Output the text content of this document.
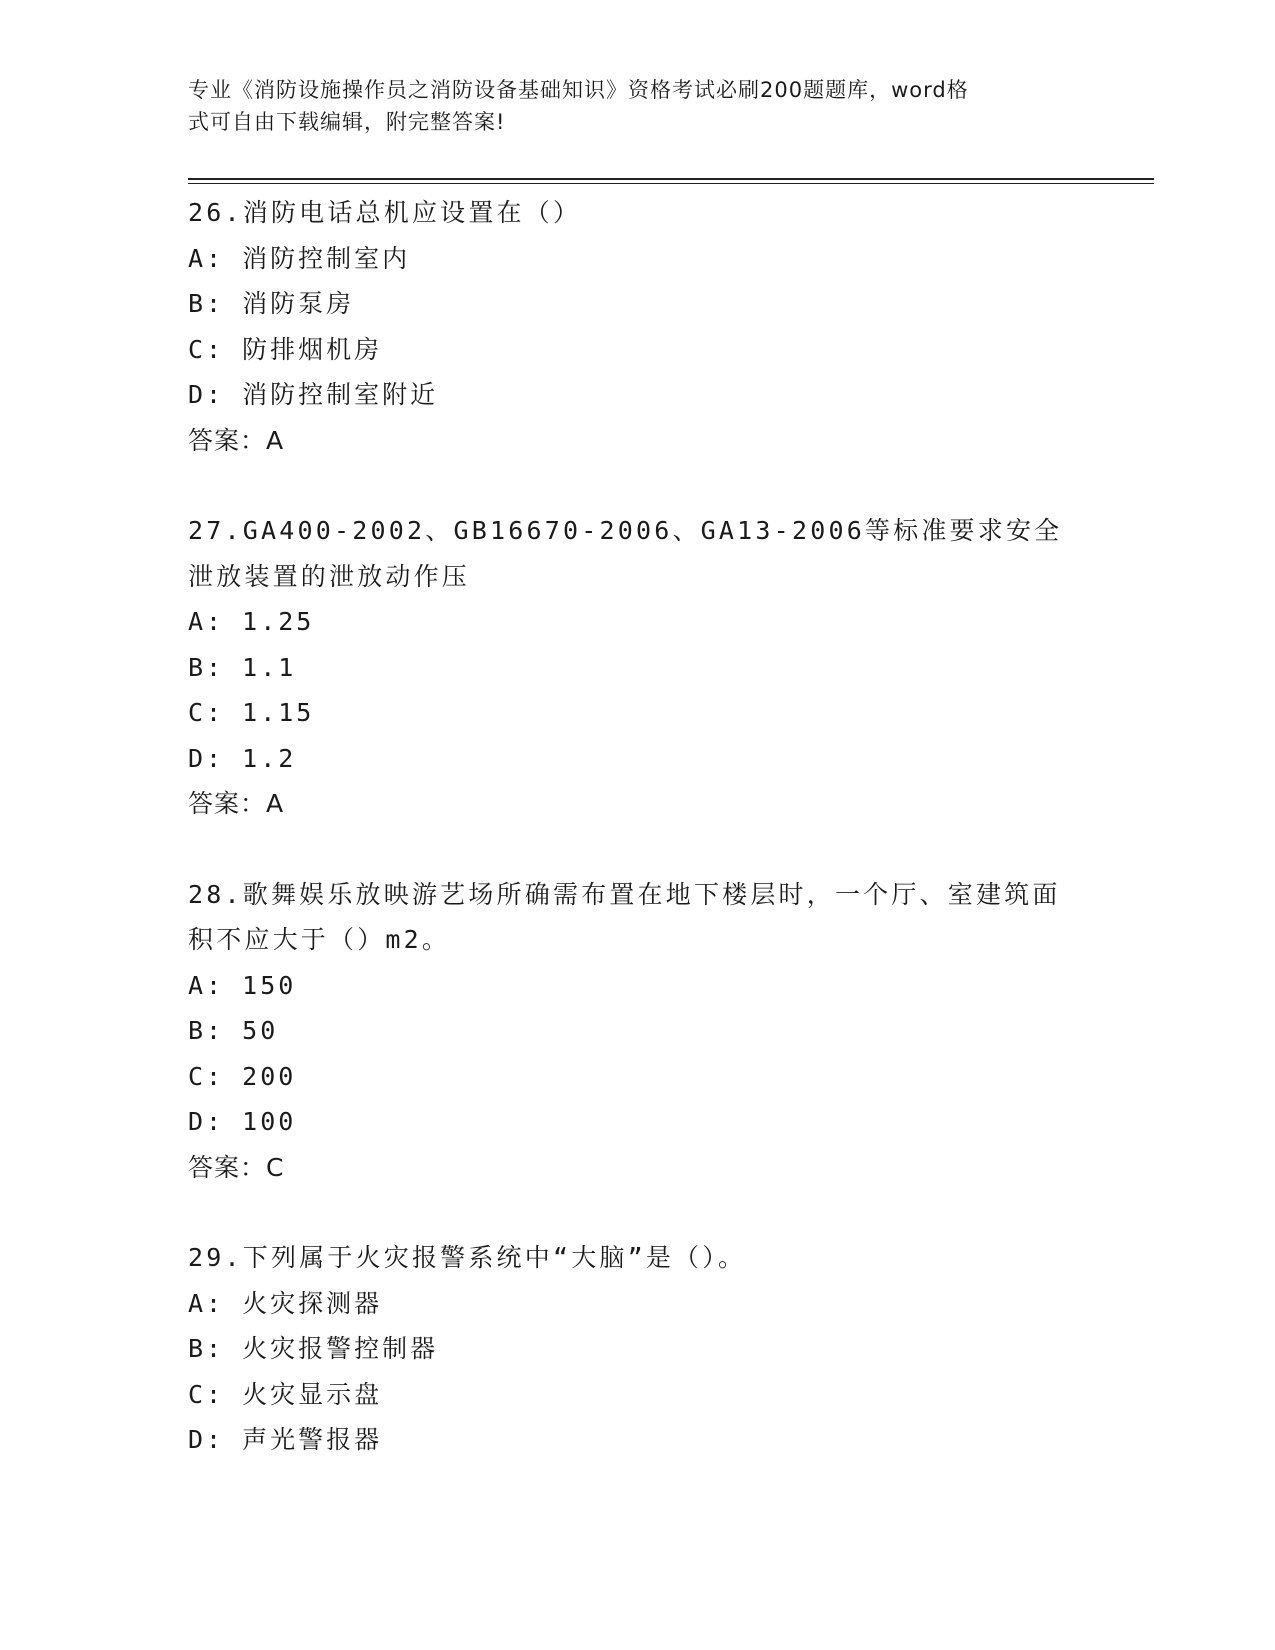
专业《消防设施操作员之消防设备基础知识》资格考试必刷200题题库，word格
式可自由下载编辑，附完整答案!
26.消防电话总机应设置在（）
A: 消防控制室内
B: 消防泵房
C: 防排烟机房
D: 消防控制室附近
答案：A
27.GA400-2002、GB16670-2006、GA13-2006等标准要求安全泄放装置的泄放动作压
A: 1.25
B: 1.1
C: 1.15
D: 1.2
答案：A
28.歌舞娱乐放映游艺场所确需布置在地下楼层时，一个厅、室建筑面积不应大于（）m2。
A: 150
B: 50
C: 200
D: 100
答案：C
29.下列属于火灾报警系统中“大脑”是（）。
A: 火灾探测器
B: 火灾报警控制器
C: 火灾显示盘
D: 声光警报器
